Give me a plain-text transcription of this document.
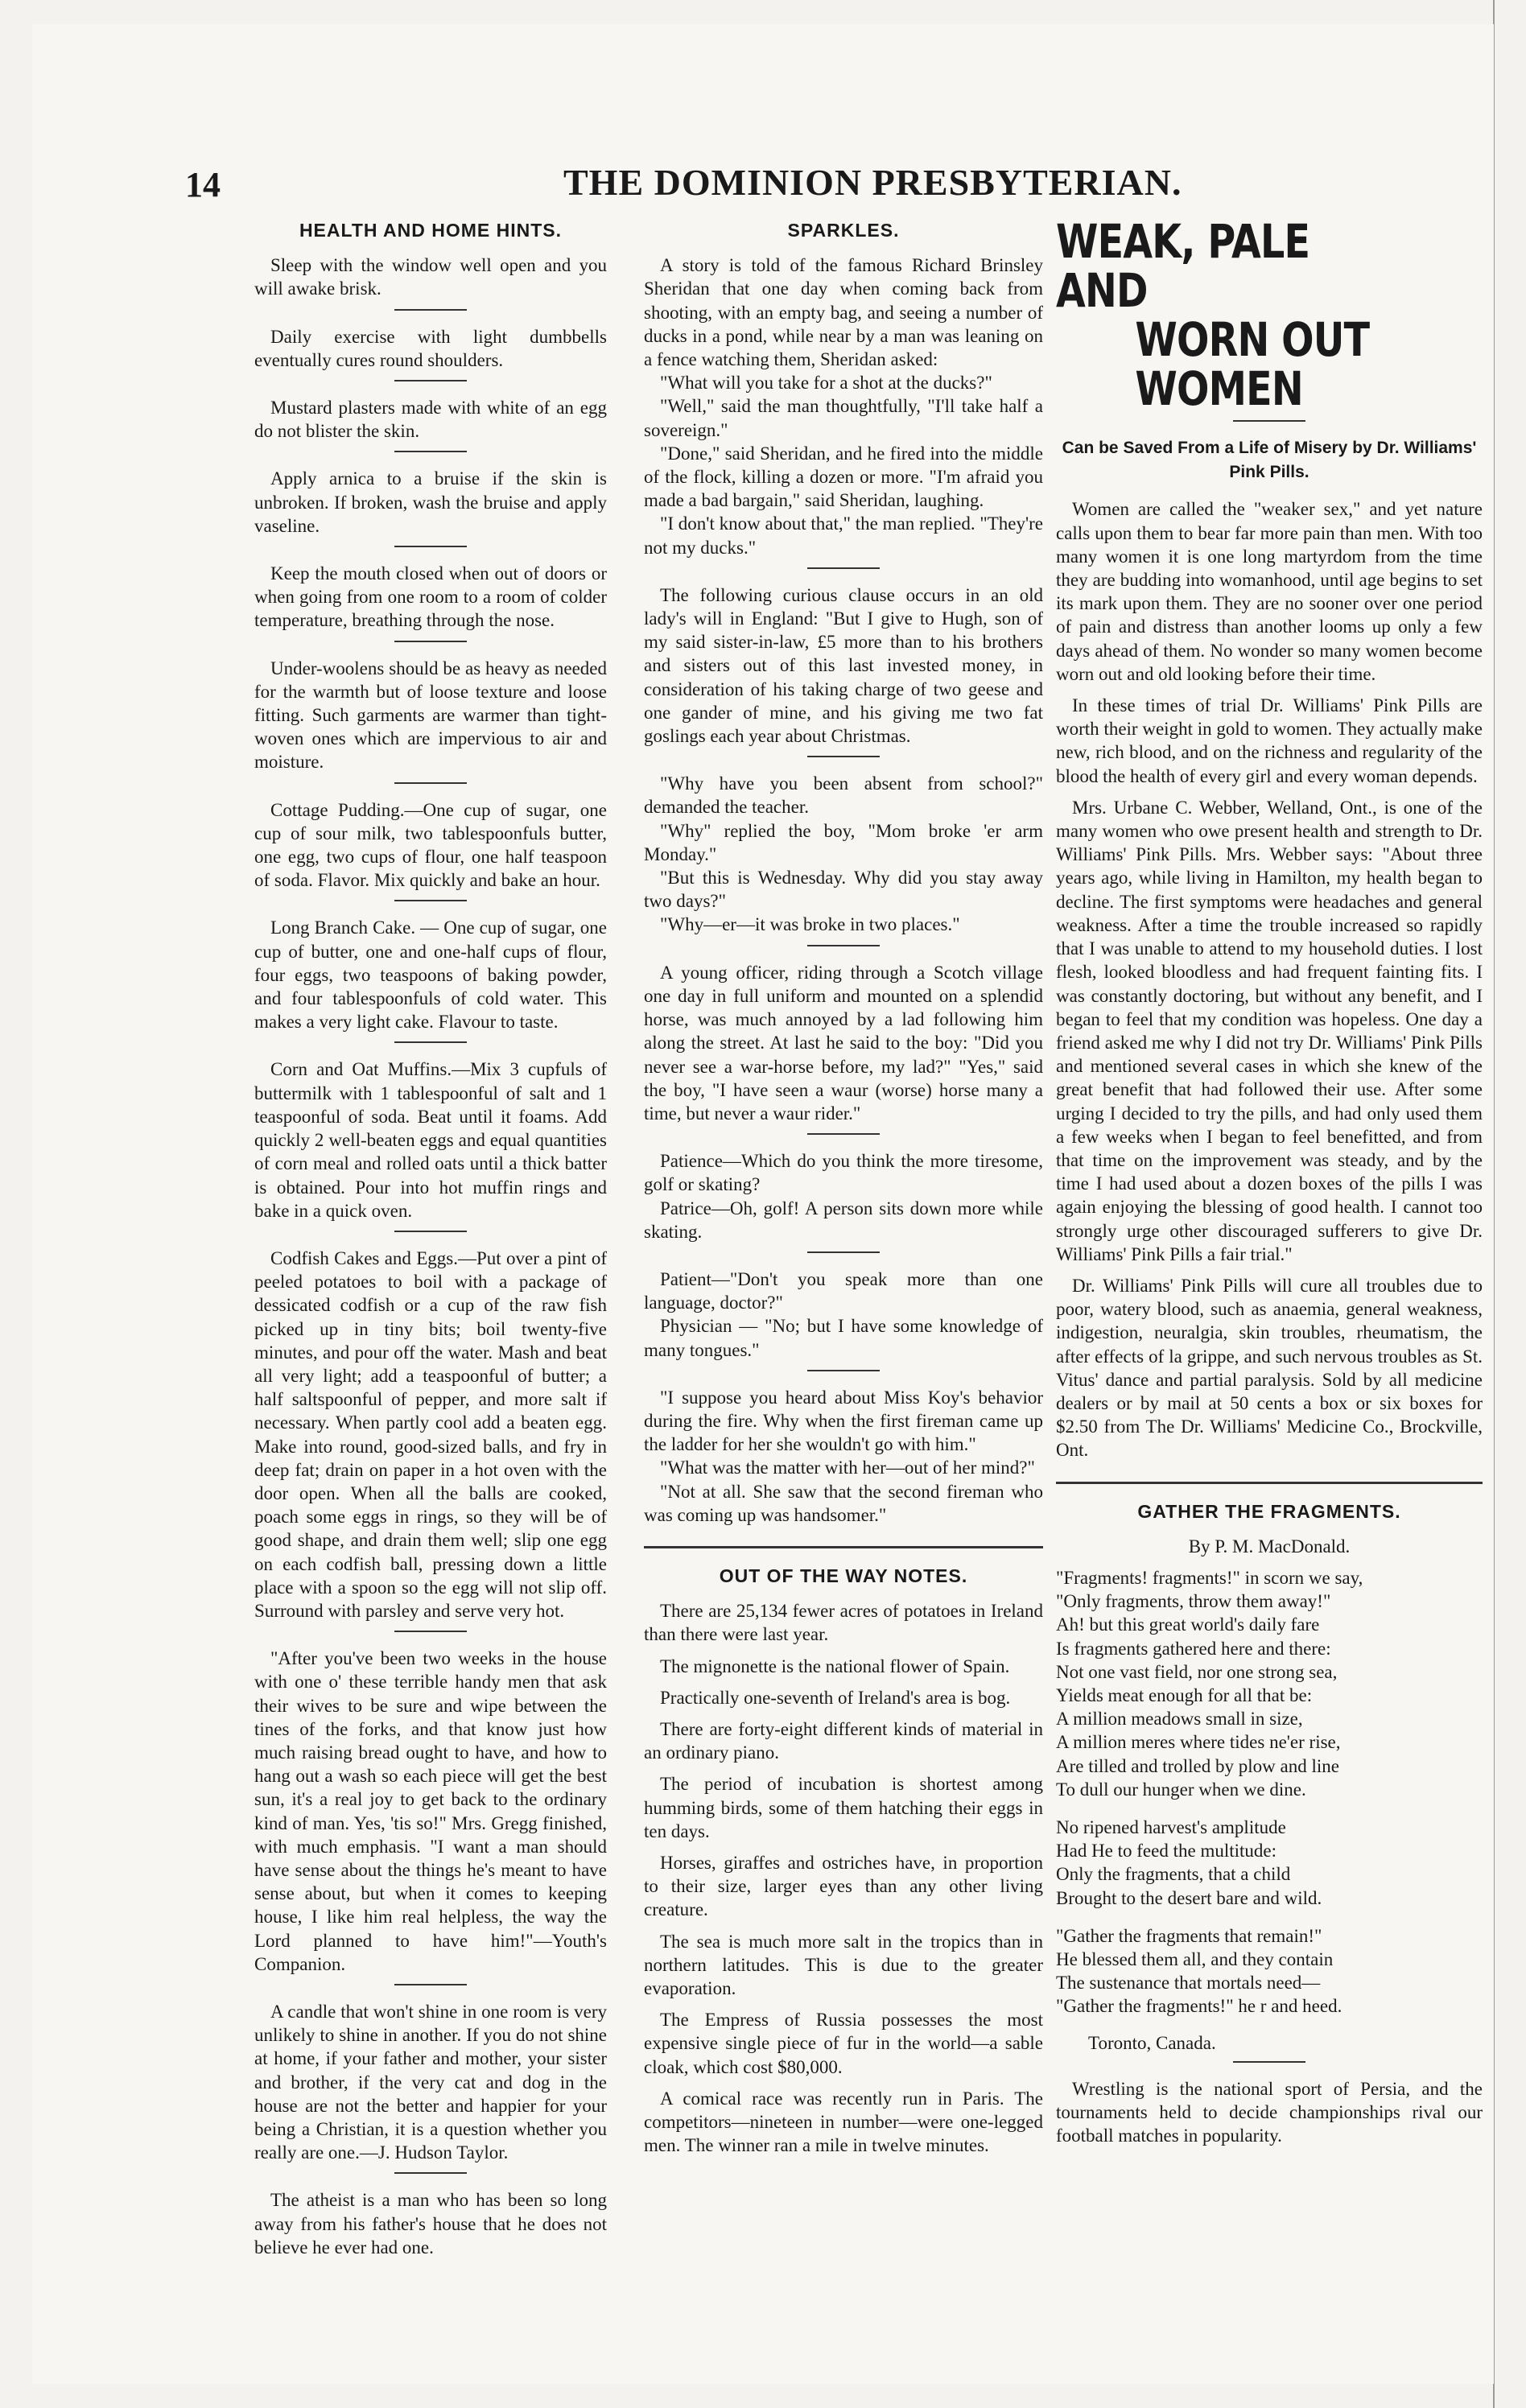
14	THE DOMINION PRESBYTERIAN.
HEALTH AND HOME HINTS.

Sleep with the window well open and you will awake brisk.

Daily exercise with light dumbbells eventually cures round shoulders.

Mustard plasters made with white of an egg do not blister the skin.

Apply arnica to a bruise if the skin is unbroken. If broken, wash the bruise and apply vaseline.

Keep the mouth closed when out of doors or when going from one room to a room of colder temperature, breathing through the nose.

Under-woolens should be as heavy as needed for the warmth but of loose texture and loose fitting. Such garments are warmer than tight-woven ones which are impervious to air and moisture.

Cottage Pudding.—One cup of sugar, one cup of sour milk, two tablespoonfuls butter, one egg, two cups of flour, one half teaspoon of soda. Flavor. Mix quickly and bake an hour.

Long Branch Cake. — One cup of sugar, one cup of butter, one and one-half cups of flour, four eggs, two teaspoons of baking powder, and four tablespoonfuls of cold water. This makes a very light cake. Flavour to taste.

Corn and Oat Muffins.—Mix 3 cupfuls of buttermilk with 1 tablespoonful of salt and 1 teaspoonful of soda. Beat until it foams. Add quickly 2 well-beaten eggs and equal quantities of corn meal and rolled oats until a thick batter is obtained. Pour into hot muffin rings and bake in a quick oven.

Codfish Cakes and Eggs.—Put over a pint of peeled potatoes to boil with a package of dessicated codfish or a cup of the raw fish picked up in tiny bits; boil twenty-five minutes, and pour off the water. Mash and beat all very light; add a teaspoonful of butter; a half saltspoonful of pepper, and more salt if necessary. When partly cool add a beaten egg. Make into round, good-sized balls, and fry in deep fat; drain on paper in a hot oven with the door open. When all the balls are cooked, poach some eggs in rings, so they will be of good shape, and drain them well; slip one egg on each codfish ball, pressing down a little place with a spoon so the egg will not slip off. Surround with parsley and serve very hot.

"After you've been two weeks in the house with one o' these terrible handy men that ask their wives to be sure and wipe between the tines of the forks, and that know just how much raising bread ought to have, and how to hang out a wash so each piece will get the best sun, it's a real joy to get back to the ordinary kind of man. Yes, 'tis so!" Mrs. Gregg finished, with much emphasis. "I want a man should have sense about the things he's meant to have sense about, but when it comes to keeping house, I like him real helpless, the way the Lord planned to have him!"—Youth's Companion.

A candle that won't shine in one room is very unlikely to shine in another. If you do not shine at home, if your father and mother, your sister and brother, if the very cat and dog in the house are not the better and happier for your being a Christian, it is a question whether you really are one.—J. Hudson Taylor.

The atheist is a man who has been so long away from his father's house that he does not believe he ever had one.

SPARKLES.

A story is told of the famous Richard Brinsley Sheridan that one day when coming back from shooting, with an empty bag, and seeing a number of ducks in a pond, while near by a man was leaning on a fence watching them, Sheridan asked:

"What will you take for a shot at the ducks?"

"Well," said the man thoughtfully, "I'll take half a sovereign."

"Done," said Sheridan, and he fired into the middle of the flock, killing a dozen or more. "I'm afraid you made a bad bargain," said Sheridan, laughing.

"I don't know about that," the man replied. "They're not my ducks."

The following curious clause occurs in an old lady's will in England: "But I give to Hugh, son of my said sister-in-law, £5 more than to his brothers and sisters out of this last invested money, in consideration of his taking charge of two geese and one gander of mine, and his giving me two fat goslings each year about Christmas.

"Why have you been absent from school?" demanded the teacher.

"Why" replied the boy, "Mom broke 'er arm Monday."

"But this is Wednesday. Why did you stay away two days?"

"Why—er—it was broke in two places."

A young officer, riding through a Scotch village one day in full uniform and mounted on a splendid horse, was much annoyed by a lad following him along the street. At last he said to the boy: "Did you never see a war-horse before, my lad?" "Yes," said the boy, "I have seen a waur (worse) horse many a time, but never a waur rider."

Patience—Which do you think the more tiresome, golf or skating?

Patrice—Oh, golf! A person sits down more while skating.

Patient—"Don't you speak more than one language, doctor?"

Physician — "No; but I have some knowledge of many tongues."

"I suppose you heard about Miss Koy's behavior during the fire. Why when the first fireman came up the ladder for her she wouldn't go with him."

"What was the matter with her—out of her mind?"

"Not at all. She saw that the second fireman who was coming up was handsomer."

OUT OF THE WAY NOTES.

There are 25,134 fewer acres of potatoes in Ireland than there were last year.

The mignonette is the national flower of Spain.

Practically one-seventh of Ireland's area is bog.

There are forty-eight different kinds of material in an ordinary piano.

The period of incubation is shortest among humming birds, some of them hatching their eggs in ten days.

Horses, giraffes and ostriches have, in proportion to their size, larger eyes than any other living creature.

The sea is much more salt in the tropics than in northern latitudes. This is due to the greater evaporation.

The Empress of Russia possesses the most expensive single piece of fur in the world—a sable cloak, which cost $80,000.

A comical race was recently run in Paris. The competitors—nineteen in number—were one-legged men. The winner ran a mile in twelve minutes.

WEAK, PALE AND
WORN OUT WOMEN
Can be Saved From a Life of Misery by Dr. Williams' Pink Pills.

Women are called the "weaker sex," and yet nature calls upon them to bear far more pain than men. With too many women it is one long martyrdom from the time they are budding into womanhood, until age begins to set its mark upon them. They are no sooner over one period of pain and distress than another looms up only a few days ahead of them. No wonder so many women become worn out and old looking before their time.

In these times of trial Dr. Williams' Pink Pills are worth their weight in gold to women. They actually make new, rich blood, and on the richness and regularity of the blood the health of every girl and every woman depends.

Mrs. Urbane C. Webber, Welland, Ont., is one of the many women who owe present health and strength to Dr. Williams' Pink Pills. Mrs. Webber says: "About three years ago, while living in Hamilton, my health began to decline. The first symptoms were headaches and general weakness. After a time the trouble increased so rapidly that I was unable to attend to my household duties. I lost flesh, looked bloodless and had frequent fainting fits. I was constantly doctoring, but without any benefit, and I began to feel that my condition was hopeless. One day a friend asked me why I did not try Dr. Williams' Pink Pills and mentioned several cases in which she knew of the great benefit that had followed their use. After some urging I decided to try the pills, and had only used them a few weeks when I began to feel benefitted, and from that time on the improvement was steady, and by the time I had used about a dozen boxes of the pills I was again enjoying the blessing of good health. I cannot too strongly urge other discouraged sufferers to give Dr. Williams' Pink Pills a fair trial."

Dr. Williams' Pink Pills will cure all troubles due to poor, watery blood, such as anaemia, general weakness, indigestion, neuralgia, skin troubles, rheumatism, the after effects of la grippe, and such nervous troubles as St. Vitus' dance and partial paralysis. Sold by all medicine dealers or by mail at 50 cents a box or six boxes for $2.50 from The Dr. Williams' Medicine Co., Brockville, Ont.

GATHER THE FRAGMENTS.
By P. M. MacDonald.
"Fragments! fragments!" in scorn we say,
"Only fragments, throw them away!"
Ah! but this great world's daily fare
Is fragments gathered here and there:
Not one vast field, nor one strong sea,
Yields meat enough for all that be:
A million meadows small in size,
A million meres where tides ne'er rise,
Are tilled and trolled by plow and line
To dull our hunger when we dine.
No ripened harvest's amplitude
Had He to feed the multitude:
Only the fragments, that a child
Brought to the desert bare and wild.
"Gather the fragments that remain!"
He blessed them all, and they contain
The sustenance that mortals need—
"Gather the fragments!" he r and heed.
Toronto, Canada.

Wrestling is the national sport of Persia, and the tournaments held to decide championships rival our football matches in popularity.
